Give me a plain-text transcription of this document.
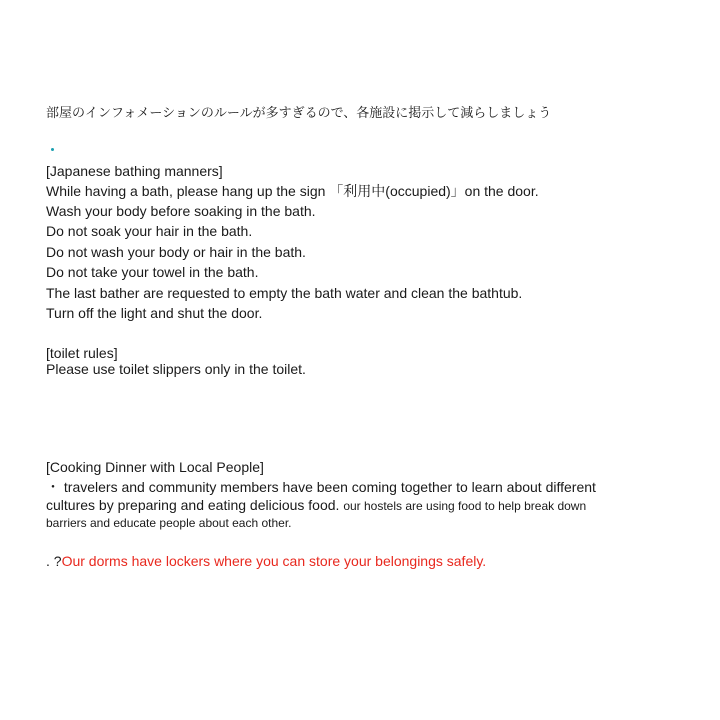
部屋のインフォメーションのルールが多すぎるので、各施設に掲示して減らしましょう
[Japanese bathing manners]
While having a bath, please hang up the sign 「利用中(occupied)」on the door.
Wash your body before soaking in the bath.
Do not soak your hair in the bath.
Do not wash your body or hair in the bath.
Do not take your towel in the bath.
The last bather are requested to empty the bath water and clean the bathtub.
Turn off the light and shut the door.
[toilet rules]
Please use toilet slippers only in the toilet.
[Cooking Dinner with Local People]
・ travelers and community members have been coming together to learn about different
cultures by preparing and eating delicious food. our hostels are using food to help break down
barriers and educate people about each other.
. ?Our dorms have lockers where you can store your belongings safely.
